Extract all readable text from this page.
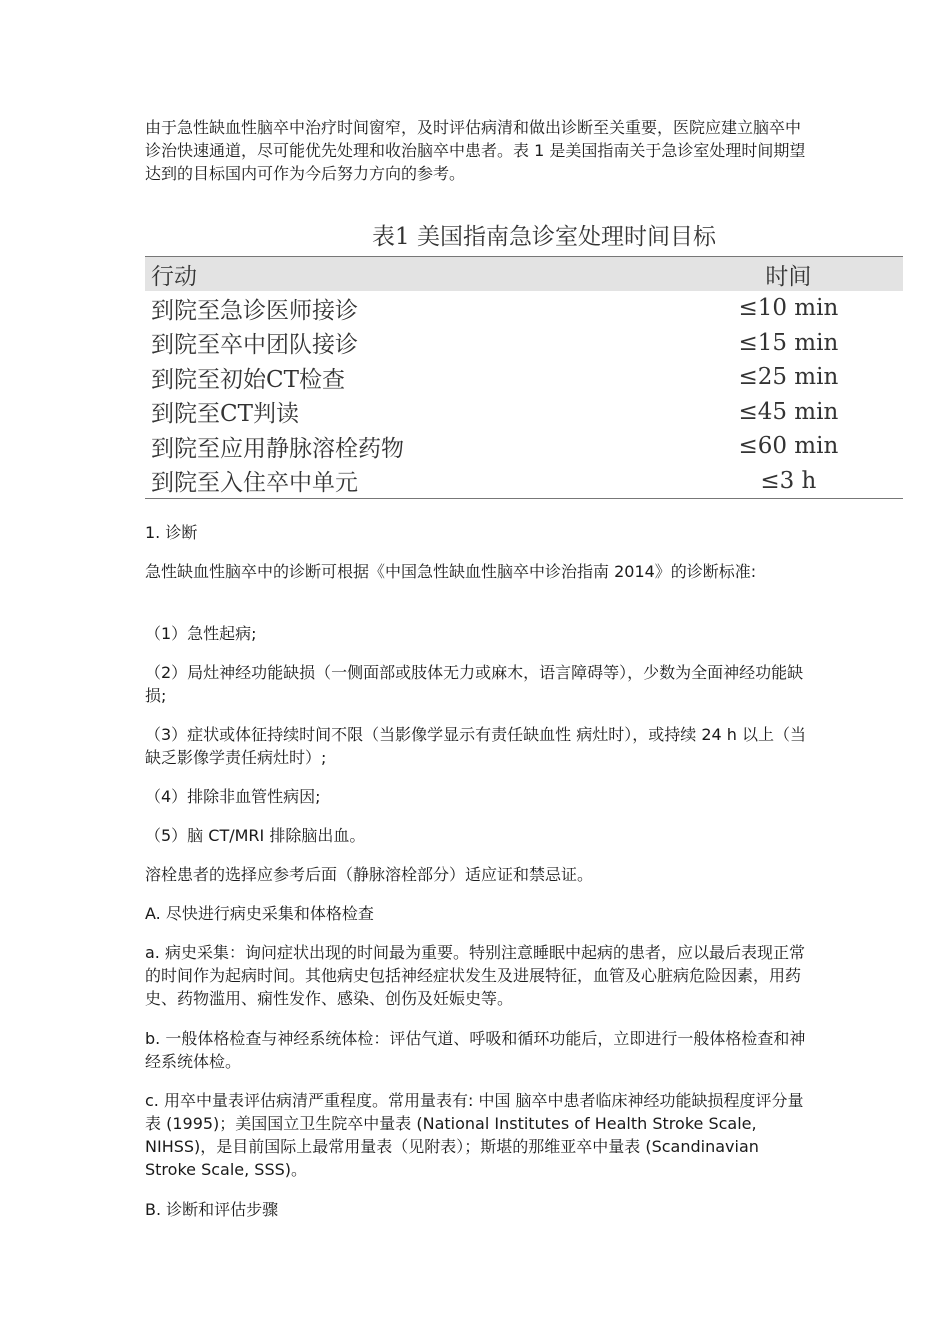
由于急性缺血性脑卒中治疗时间窗窄，及时评估病清和做出诊断至关重要，医院应建立脑卒中诊治快速通道，尽可能优先处理和收治脑卒中患者。表 1 是美国指南关于急诊室处理时间期望达到的目标国内可作为今后努力方向的参考。

表1 美国指南急诊室处理时间目标
行动	时间
到院至急诊医师接诊	≤10 min
到院至卒中团队接诊	≤15 min
到院至初始CT检查	≤25 min
到院至CT判读	≤45 min
到院至应用静脉溶栓药物	≤60 min
到院至入住卒中单元	≤3 h

1. 诊断

急性缺血性脑卒中的诊断可根据《中国急性缺血性脑卒中诊治指南 2014》的诊断标准:

（1）急性起病;

（2）局灶神经功能缺损（一侧面部或肢体无力或麻木，语言障碍等），少数为全面神经功能缺损;

（3）症状或体征持续时间不限（当影像学显示有责任缺血性 病灶时），或持续 24 h 以上（当缺乏影像学责任病灶时）;

（4）排除非血管性病因;

（5）脑 CT/MRI 排除脑出血。

溶栓患者的选择应参考后面（静脉溶栓部分）适应证和禁忌证。

A. 尽快进行病史采集和体格检查

a. 病史采集：询问症状出现的时间最为重要。特别注意睡眠中起病的患者，应以最后表现正常的时间作为起病时间。其他病史包括神经症状发生及进展特征，血管及心脏病危险因素，用药史、药物滥用、痫性发作、感染、创伤及妊娠史等。

b. 一般体格检查与神经系统体检：评估气道、呼吸和循环功能后，立即进行一般体格检查和神经系统体检。

c. 用卒中量表评估病清严重程度。常用量表有: 中国 脑卒中患者临床神经功能缺损程度评分量表 (1995)；美国国立卫生院卒中量表 (National Institutes of Health Stroke Scale, NIHSS)，是目前国际上最常用量表（见附表）；斯堪的那维亚卒中量表 (Scandinavian Stroke Scale, SSS)。

B. 诊断和评估步骤
